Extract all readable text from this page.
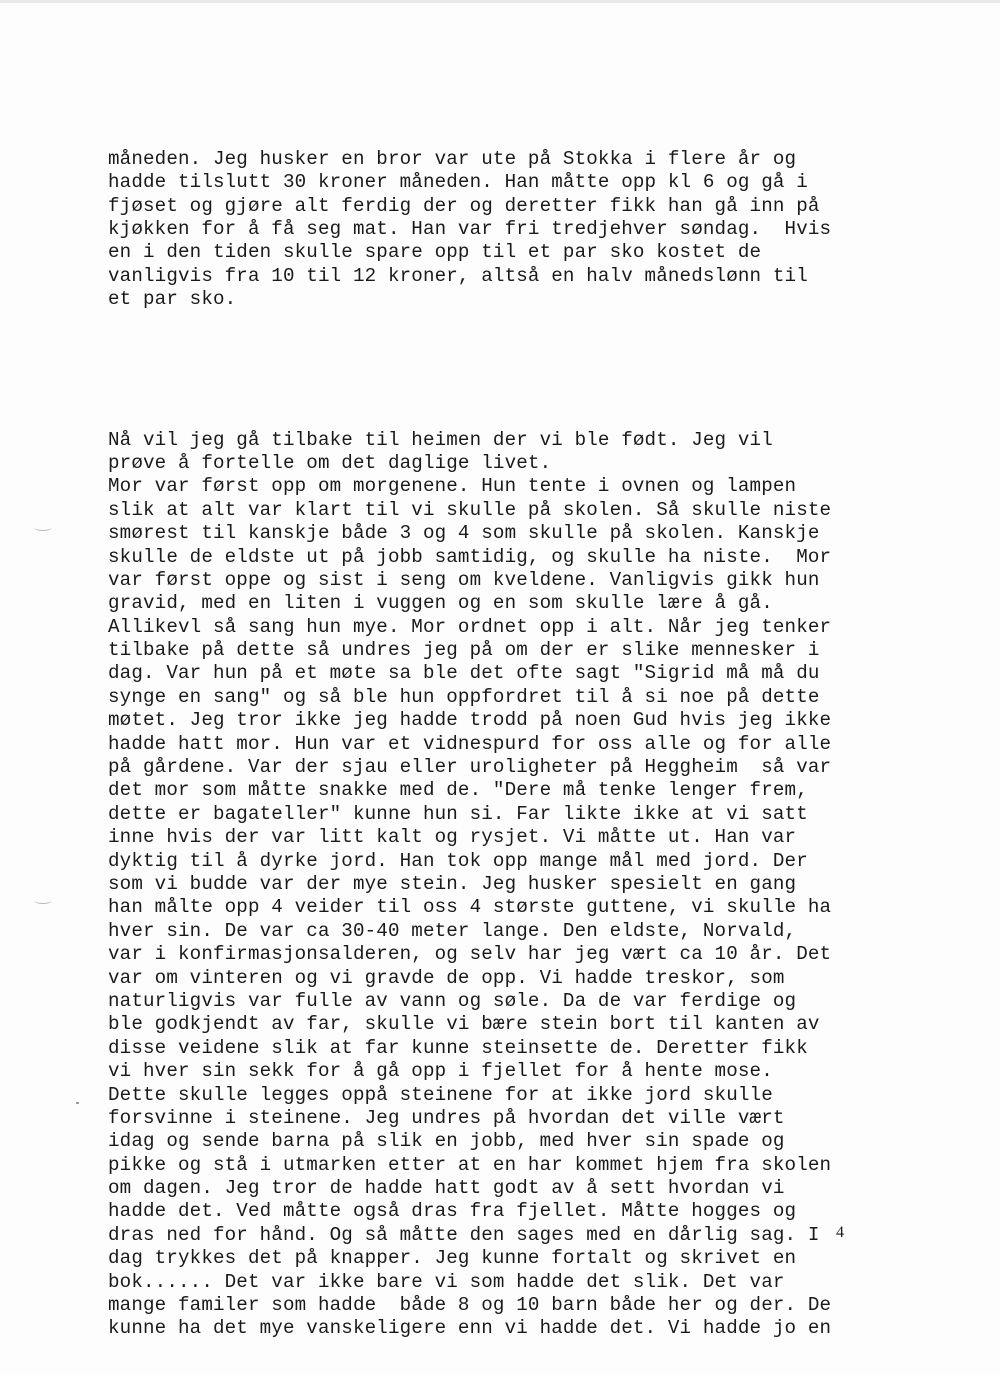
måneden. Jeg husker en bror var ute på Stokka i flere år og
hadde tilslutt 30 kroner måneden. Han måtte opp kl 6 og gå i
fjøset og gjøre alt ferdig der og deretter fikk han gå inn på
kjøkken for å få seg mat. Han var fri tredjehver søndag.  Hvis
en i den tiden skulle spare opp til et par sko kostet de
vanligvis fra 10 til 12 kroner, altså en halv månedslønn til
et par sko.

Nå vil jeg gå tilbake til heimen der vi ble født. Jeg vil
prøve å fortelle om det daglige livet.
Mor var først opp om morgenene. Hun tente i ovnen og lampen
slik at alt var klart til vi skulle på skolen. Så skulle niste
smørest til kanskje både 3 og 4 som skulle på skolen. Kanskje
skulle de eldste ut på jobb samtidig, og skulle ha niste.  Mor
var først oppe og sist i seng om kveldene. Vanligvis gikk hun
gravid, med en liten i vuggen og en som skulle lære å gå.
Allikevl så sang hun mye. Mor ordnet opp i alt. Når jeg tenker
tilbake på dette så undres jeg på om der er slike mennesker i
dag. Var hun på et møte sa ble det ofte sagt "Sigrid må må du
synge en sang" og så ble hun oppfordret til å si noe på dette
møtet. Jeg tror ikke jeg hadde trodd på noen Gud hvis jeg ikke
hadde hatt mor. Hun var et vidnespurd for oss alle og for alle
på gårdene. Var der sjau eller uroligheter på Heggheim  så var
det mor som måtte snakke med de. "Dere må tenke lenger frem,
dette er bagateller" kunne hun si. Far likte ikke at vi satt
inne hvis der var litt kalt og rysjet. Vi måtte ut. Han var
dyktig til å dyrke jord. Han tok opp mange mål med jord. Der
som vi budde var der mye stein. Jeg husker spesielt en gang
han målte opp 4 veider til oss 4 største guttene, vi skulle ha
hver sin. De var ca 30-40 meter lange. Den eldste, Norvald,
var i konfirmasjonsalderen, og selv har jeg vært ca 10 år. Det
var om vinteren og vi gravde de opp. Vi hadde treskor, som
naturligvis var fulle av vann og søle. Da de var ferdige og
ble godkjendt av far, skulle vi bære stein bort til kanten av
disse veidene slik at far kunne steinsette de. Deretter fikk
vi hver sin sekk for å gå opp i fjellet for å hente mose.
Dette skulle legges oppå steinene for at ikke jord skulle
forsvinne i steinene. Jeg undres på hvordan det ville vært
idag og sende barna på slik en jobb, med hver sin spade og
pikke og stå i utmarken etter at en har kommet hjem fra skolen
om dagen. Jeg tror de hadde hatt godt av å sett hvordan vi
hadde det. Ved måtte også dras fra fjellet. Måtte hogges og
dras ned for hånd. Og så måtte den sages med en dårlig sag. I
dag trykkes det på knapper. Jeg kunne fortalt og skrivet en
bok...... Det var ikke bare vi som hadde det slik. Det var
mange familer som hadde  både 8 og 10 barn både her og der. De
kunne ha det mye vanskeligere enn vi hadde det. Vi hadde jo en

4
